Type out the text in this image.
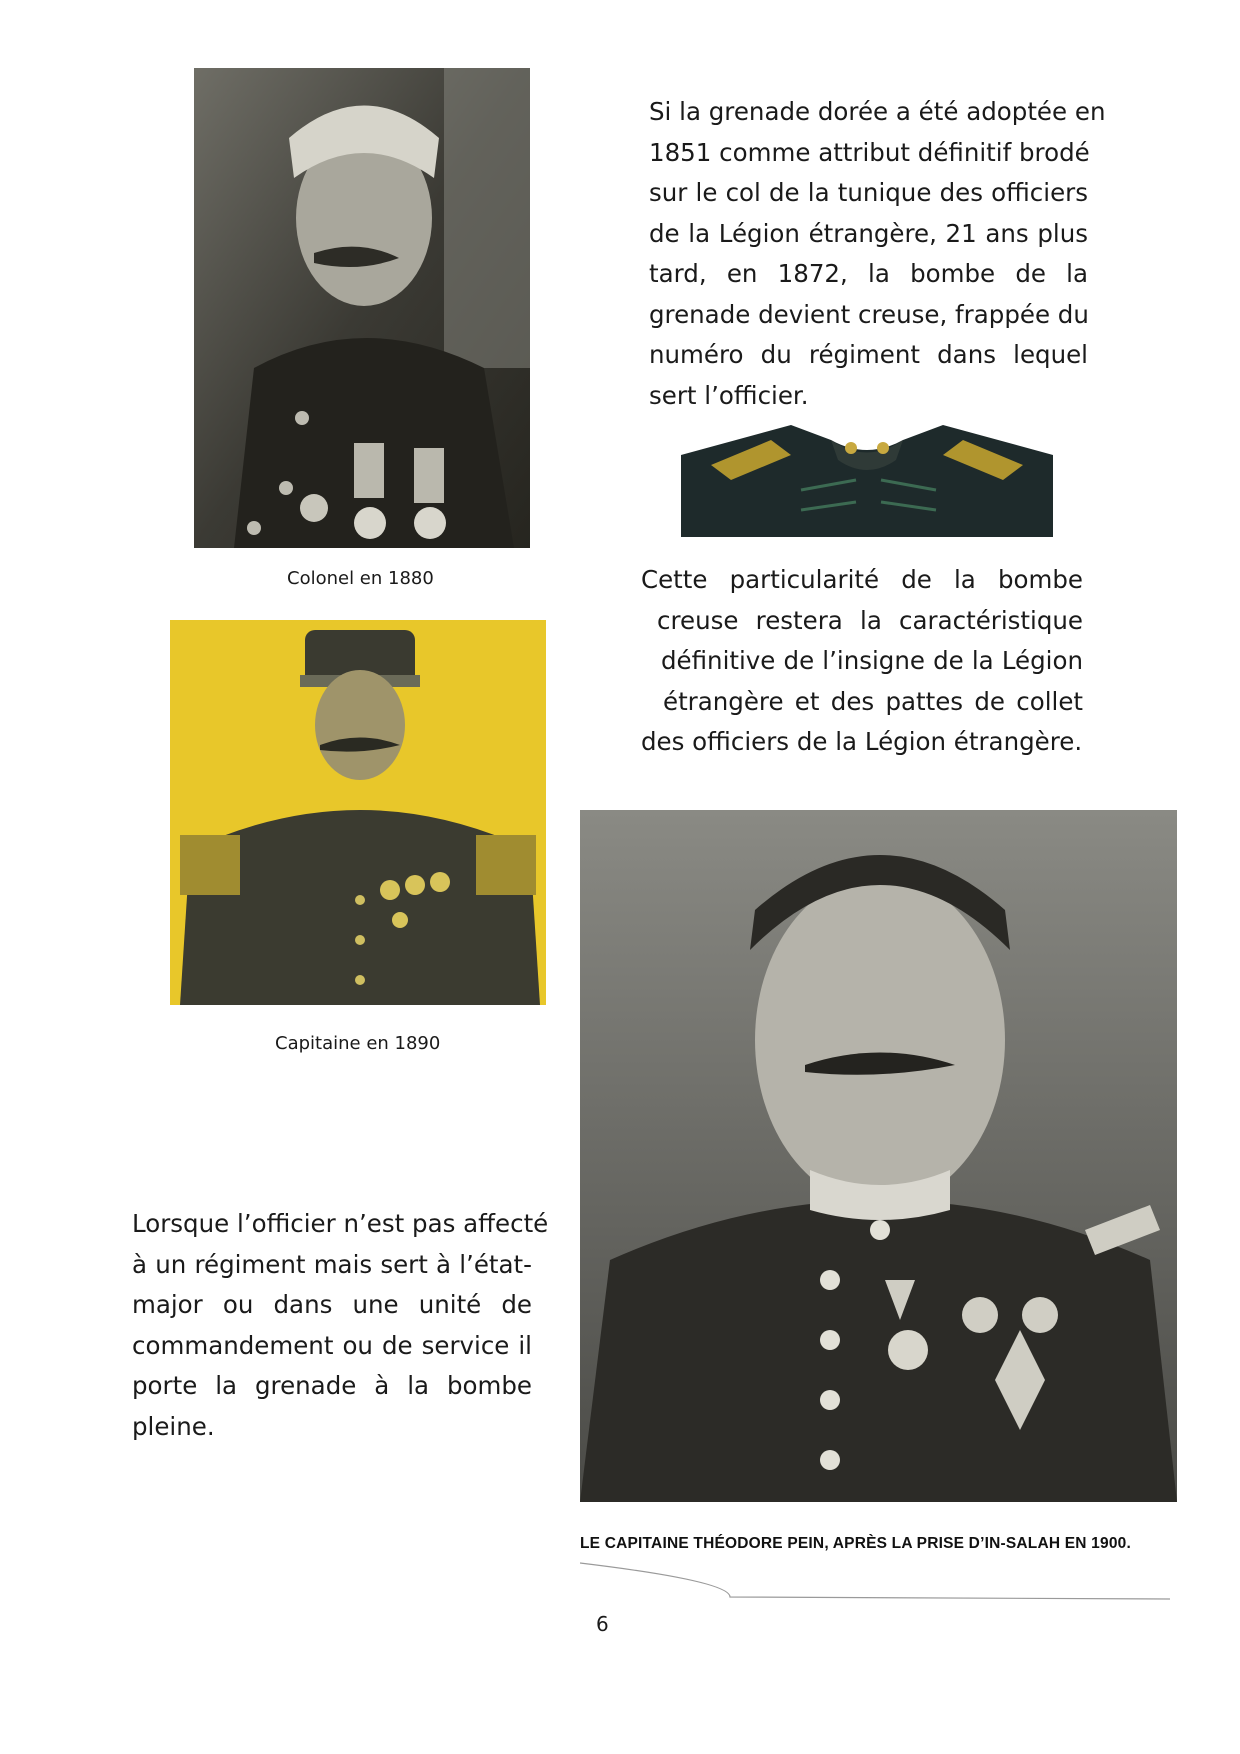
Colonel en 1880
Si la grenade dorée a été adoptée en
1851 comme attribut définitif brodé
sur le col de la tunique des officiers
de la Légion étrangère, 21 ans plus
tard, en 1872, la bombe de la
grenade devient creuse, frappée du
numéro du régiment dans lequel
sert l’officier.
Cette particularité de la bombe
creuse restera la caractéristique
définitive de l’insigne de la Légion
étrangère et des pattes de collet
des officiers de la Légion étrangère.
Capitaine en 1890
Lorsque l’officier n’est pas affecté
à un régiment mais sert à l’état-
major ou dans une unité de
commandement ou de service il
porte la grenade à la bombe
pleine.
LE CAPITAINE THÉODORE PEIN, APRÈS LA PRISE D’IN-SALAH EN 1900.
6
